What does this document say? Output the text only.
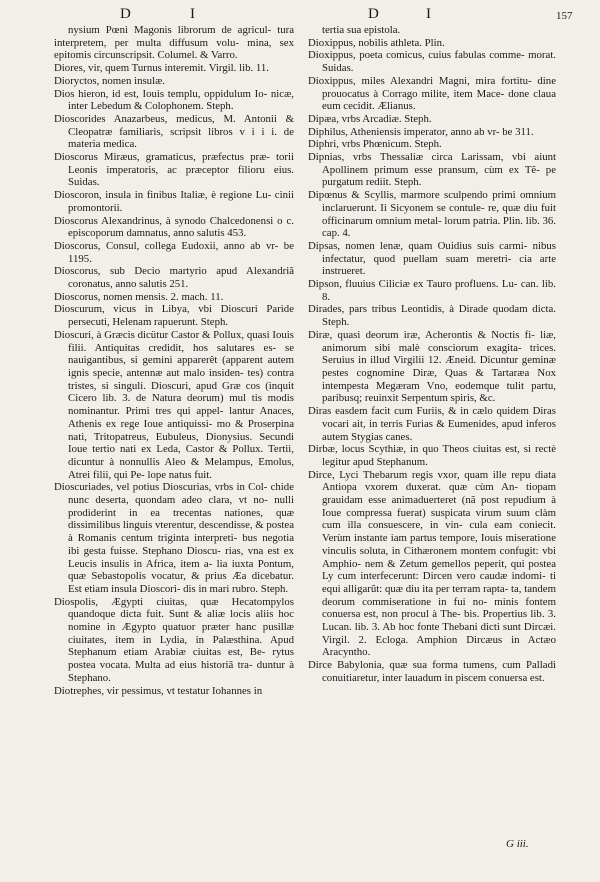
D	I	D	I	157

nysium Pœni Magonis librorum de agricul- tura interpretem, per multa diffusum volu- mina, sex epitomis circunscripsit. Columel. & Varro.

Diores, vir, quem Turnus interemit. Virgil. lib. 11.

Dioryctos, nomen insulæ.

Dios hieron, id est, Iouis templu, oppidulum Io- nicæ, inter Lebedum & Colophonem. Steph.

Dioscorides Anazarbeus, medicus, M. Antonii & Cleopatræ familiaris, scripsit libros v i i i. de materia medica.

Dioscorus Miræus, gramaticus, præfectus præ- torii Leonis imperatoris, ac præceptor filioru eius. Suidas.

Dioscoron, insula in finibus Italiæ, è regione Lu- cinii promontorii.

Dioscorus Alexandrinus, à synodo Chalcedonensi o c. episcoporum damnatus, anno salutis 453.

Dioscorus, Consul, collega Eudoxii, anno ab vr- be 1195.

Dioscorus, sub Decio martyrio apud Alexandriã coronatus, anno salutis 251.

Dioscorus, nomen mensis. 2. mach. 11.

Dioscurum, vicus in Libya, vbi Dioscuri Paride persecuti, Helenam rapuerunt. Steph.

Dioscuri, à Græcis dicütur Castor & Pollux, quasi Iouis filii. Antiquitas credidit, hos salutares es- se nauigantibus, si gemini apparerêt (apparent autem ignis specie, antennæ aut malo insiden- tes) contra tristes, si singuli. Dioscuri, apud Græ cos (inquit Cicero lib. 3. de Natura deorum) mul tis modis nominantur. Primi tres qui appel- lantur Anaces, Athenis ex rege Ioue antiquissi- mo & Proserpina nati, Tritopatreus, Eubuleus, Dionysius. Secundi Ioue tertio nati ex Leda, Castor & Pollux. Tertii, dicuntur à nonnullis Aleo & Melampus, Emolus, Atrei filii, qui Pe- lope natus fuit.

Dioscuriades, vel potius Dioscurias, vrbs in Col- chide nunc deserta, quondam adeo clara, vt no- nulli prodiderint in ea trecentas nationes, quæ dissimilibus linguis vterentur, descendisse, & postea à Romanis centum triginta interpreti- bus negotia ibi gesta fuisse. Stephano Dioscu- rias, vna est ex Leucis insulis in Africa, item a- lia iuxta Pontum, quæ Sebastopolis vocatur, & prius Æa dicebatur. Est etiam insula Dioscori- dis in mari rubro. Steph.

Diospolis, Ægypti ciuitas, quæ Hecatompylos quandoque dicta fuit. Sunt & aliæ locis aliis hoc nomine in Ægypto quatuor præter hanc pusillæ ciuitates, item in Lydia, in Palæsthina. Apud Stephanum etiam Arabiæ ciuitas est, Be- rytus postea vocata. Multa ad eius historiã tra- duntur à Stephano.

Diotrephes, vir pessimus, vt testatur Iohannes in

tertia sua epistola.

Dioxippus, nobilis athleta. Plin.

Dioxippus, poeta comicus, cuius fabulas comme- morat. Suidas.

Dioxippus, miles Alexandri Magni, mira fortitu- dine prouocatus à Corrago milite, item Mace- done claua eum cecidit. Ælianus.

Dipæa, vrbs Arcadiæ. Steph.

Diphilus, Atheniensis imperator, anno ab vr- be 311.

Diphri, vrbs Phœnicum. Steph.

Dipnias, vrbs Thessaliæ circa Larissam, vbi aiunt Apollinem primum esse pransum, cùm ex Tẽ- pe purgatum rediit. Steph.

Dipœnus & Scyllis, marmore sculpendo primi omnium inclaruerunt. Ii Sicyonem se contule- re, quæ diu fuit officinarum omnium metal- lorum patria. Plin. lib. 36. cap. 4.

Dipsas, nomen lenæ, quam Ouidius suis carmi- nibus infectatur, quod puellam suam meretri- cia arte instrueret.

Dipson, fluuius Ciliciæ ex Tauro profluens. Lu- can. lib. 8.

Dirades, pars tribus Leontidis, à Dirade quodam dicta. Steph.

Diræ, quasi deorum iræ, Acherontis & Noctis fi- liæ, animorum sibi malè consciorum exagita- trices. Seruius in illud Virgilii 12. Æneid. Dicuntur geminæ pestes cognomine Diræ, Quas & Tartaræa Nox intempesta Megæram Vno, eodemque tulit partu, paribusq; reuinxit Serpentum spiris, &c.

Diras easdem facit cum Furiis, & in cælo quidem Diras vocari ait, in terris Furias & Eumenides, apud inferos autem Stygias canes.

Dirbæ, locus Scythiæ, in quo Theos ciuitas est, si rectè legitur apud Stephanum.

Dirce, Lyci Thebarum regis vxor, quam ille repu diata Antiopa vxorem duxerat. quæ cùm An- tiopam grauidam esse animaduerteret (nã post repudium à Ioue compressa fuerat) suspicata virum suum clàm cum illa consuescere, in vin- cula eam coniecit. Verùm instante iam partus tempore, Iouis miseratione vinculis soluta, in Cithæronem montem confugit: vbi Amphio- nem & Zetum gemellos peperit, qui postea Ly cum interfecerunt: Dircen vero caudæ indomi- ti equi alligarũt: quæ diu ita per terram rapta- ta, tandem deorum commiseratione in fui no- minis fontem conuersa est, non procul à The- bis. Propertius lib. 3. Lucan. lib. 3. Ab hoc fonte Thebani dicti sunt Dircæi. Virgil. 2. Ecloga. Amphion Dircæus in Actæo Aracyntho.

Dirce Babylonia, quæ sua forma tumens, cum Palladi conuitiaretur, inter lauadum in piscem conuersa est.

G iii.
